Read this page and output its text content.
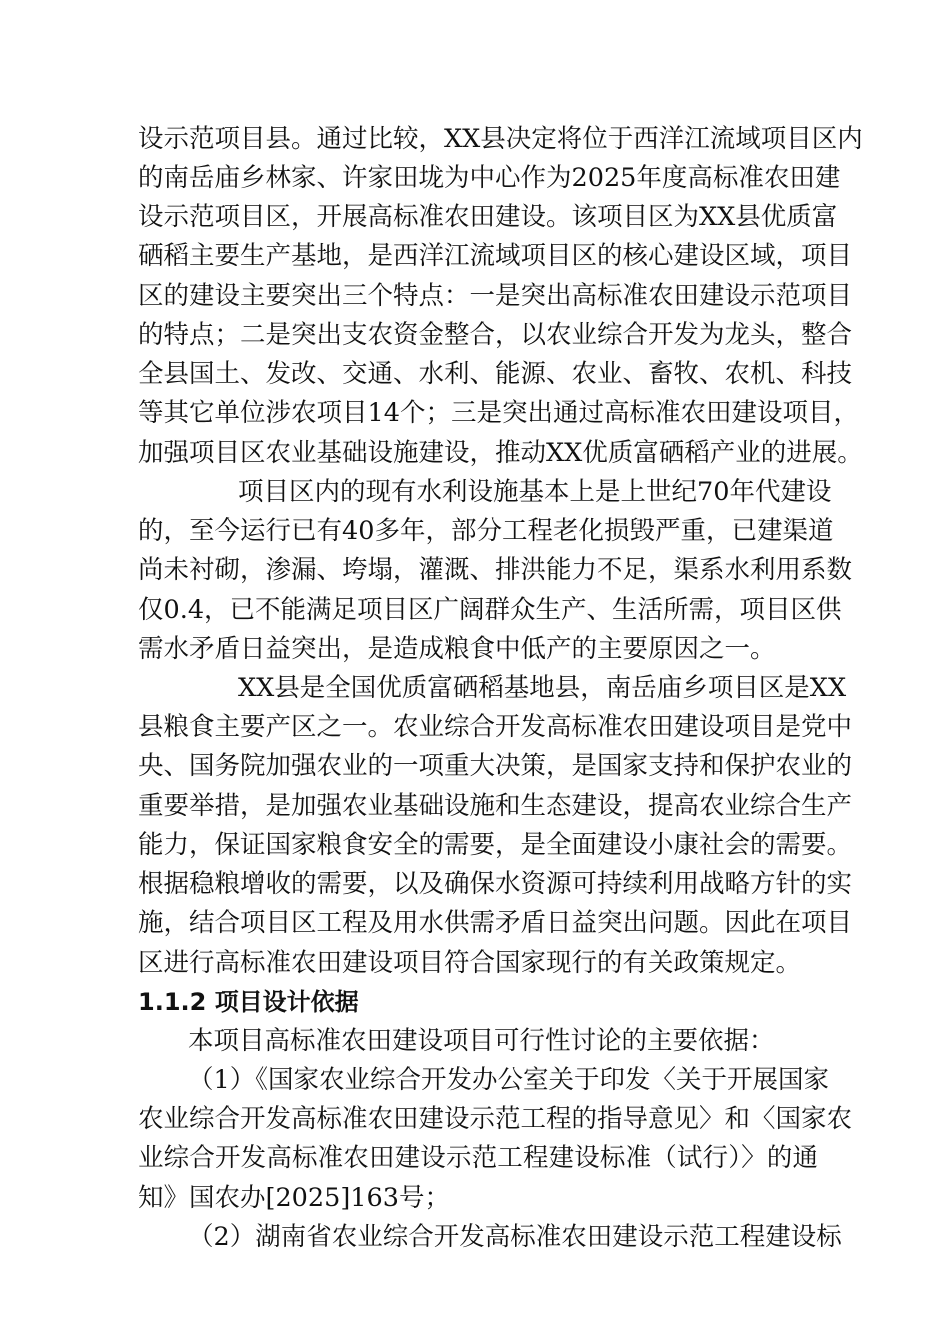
设示范项目县。通过比较，XX县决定将位于西洋江流域项目区内
的南岳庙乡林家、许家田垅为中心作为2025年度高标准农田建
设示范项目区，开展高标准农田建设。该项目区为XX县优质富
硒稻主要生产基地，是西洋江流域项目区的核心建设区域，项目
区的建设主要突出三个特点：一是突出高标准农田建设示范项目
的特点；二是突出支农资金整合，以农业综合开发为龙头，整合
全县国土、发改、交通、水利、能源、农业、畜牧、农机、科技
等其它单位涉农项目14个；三是突出通过高标准农田建设项目，
加强项目区农业基础设施建设，推动XX优质富硒稻产业的进展。
项目区内的现有水利设施基本上是上世纪70年代建设
的，至今运行已有40多年，部分工程老化损毁严重，已建渠道
尚未衬砌，渗漏、垮塌，灌溉、排洪能力不足，渠系水利用系数
仅0.4，已不能满足项目区广阔群众生产、生活所需，项目区供
需水矛盾日益突出，是造成粮食中低产的主要原因之一。
XX县是全国优质富硒稻基地县，南岳庙乡项目区是XX
县粮食主要产区之一。农业综合开发高标准农田建设项目是党中
央、国务院加强农业的一项重大决策，是国家支持和保护农业的
重要举措，是加强农业基础设施和生态建设，提高农业综合生产
能力，保证国家粮食安全的需要，是全面建设小康社会的需要。
根据稳粮增收的需要，以及确保水资源可持续利用战略方针的实
施，结合项目区工程及用水供需矛盾日益突出问题。因此在项目
区进行高标准农田建设项目符合国家现行的有关政策规定。
1.1.2 项目设计依据
本项目高标准农田建设项目可行性讨论的主要依据：
（1）《国家农业综合开发办公室关于印发〈关于开展国家
农业综合开发高标准农田建设示范工程的指导意见〉和〈国家农
业综合开发高标准农田建设示范工程建设标准（试行）〉的通
知》国农办[2025]163号；
（2）湖南省农业综合开发高标准农田建设示范工程建设标
